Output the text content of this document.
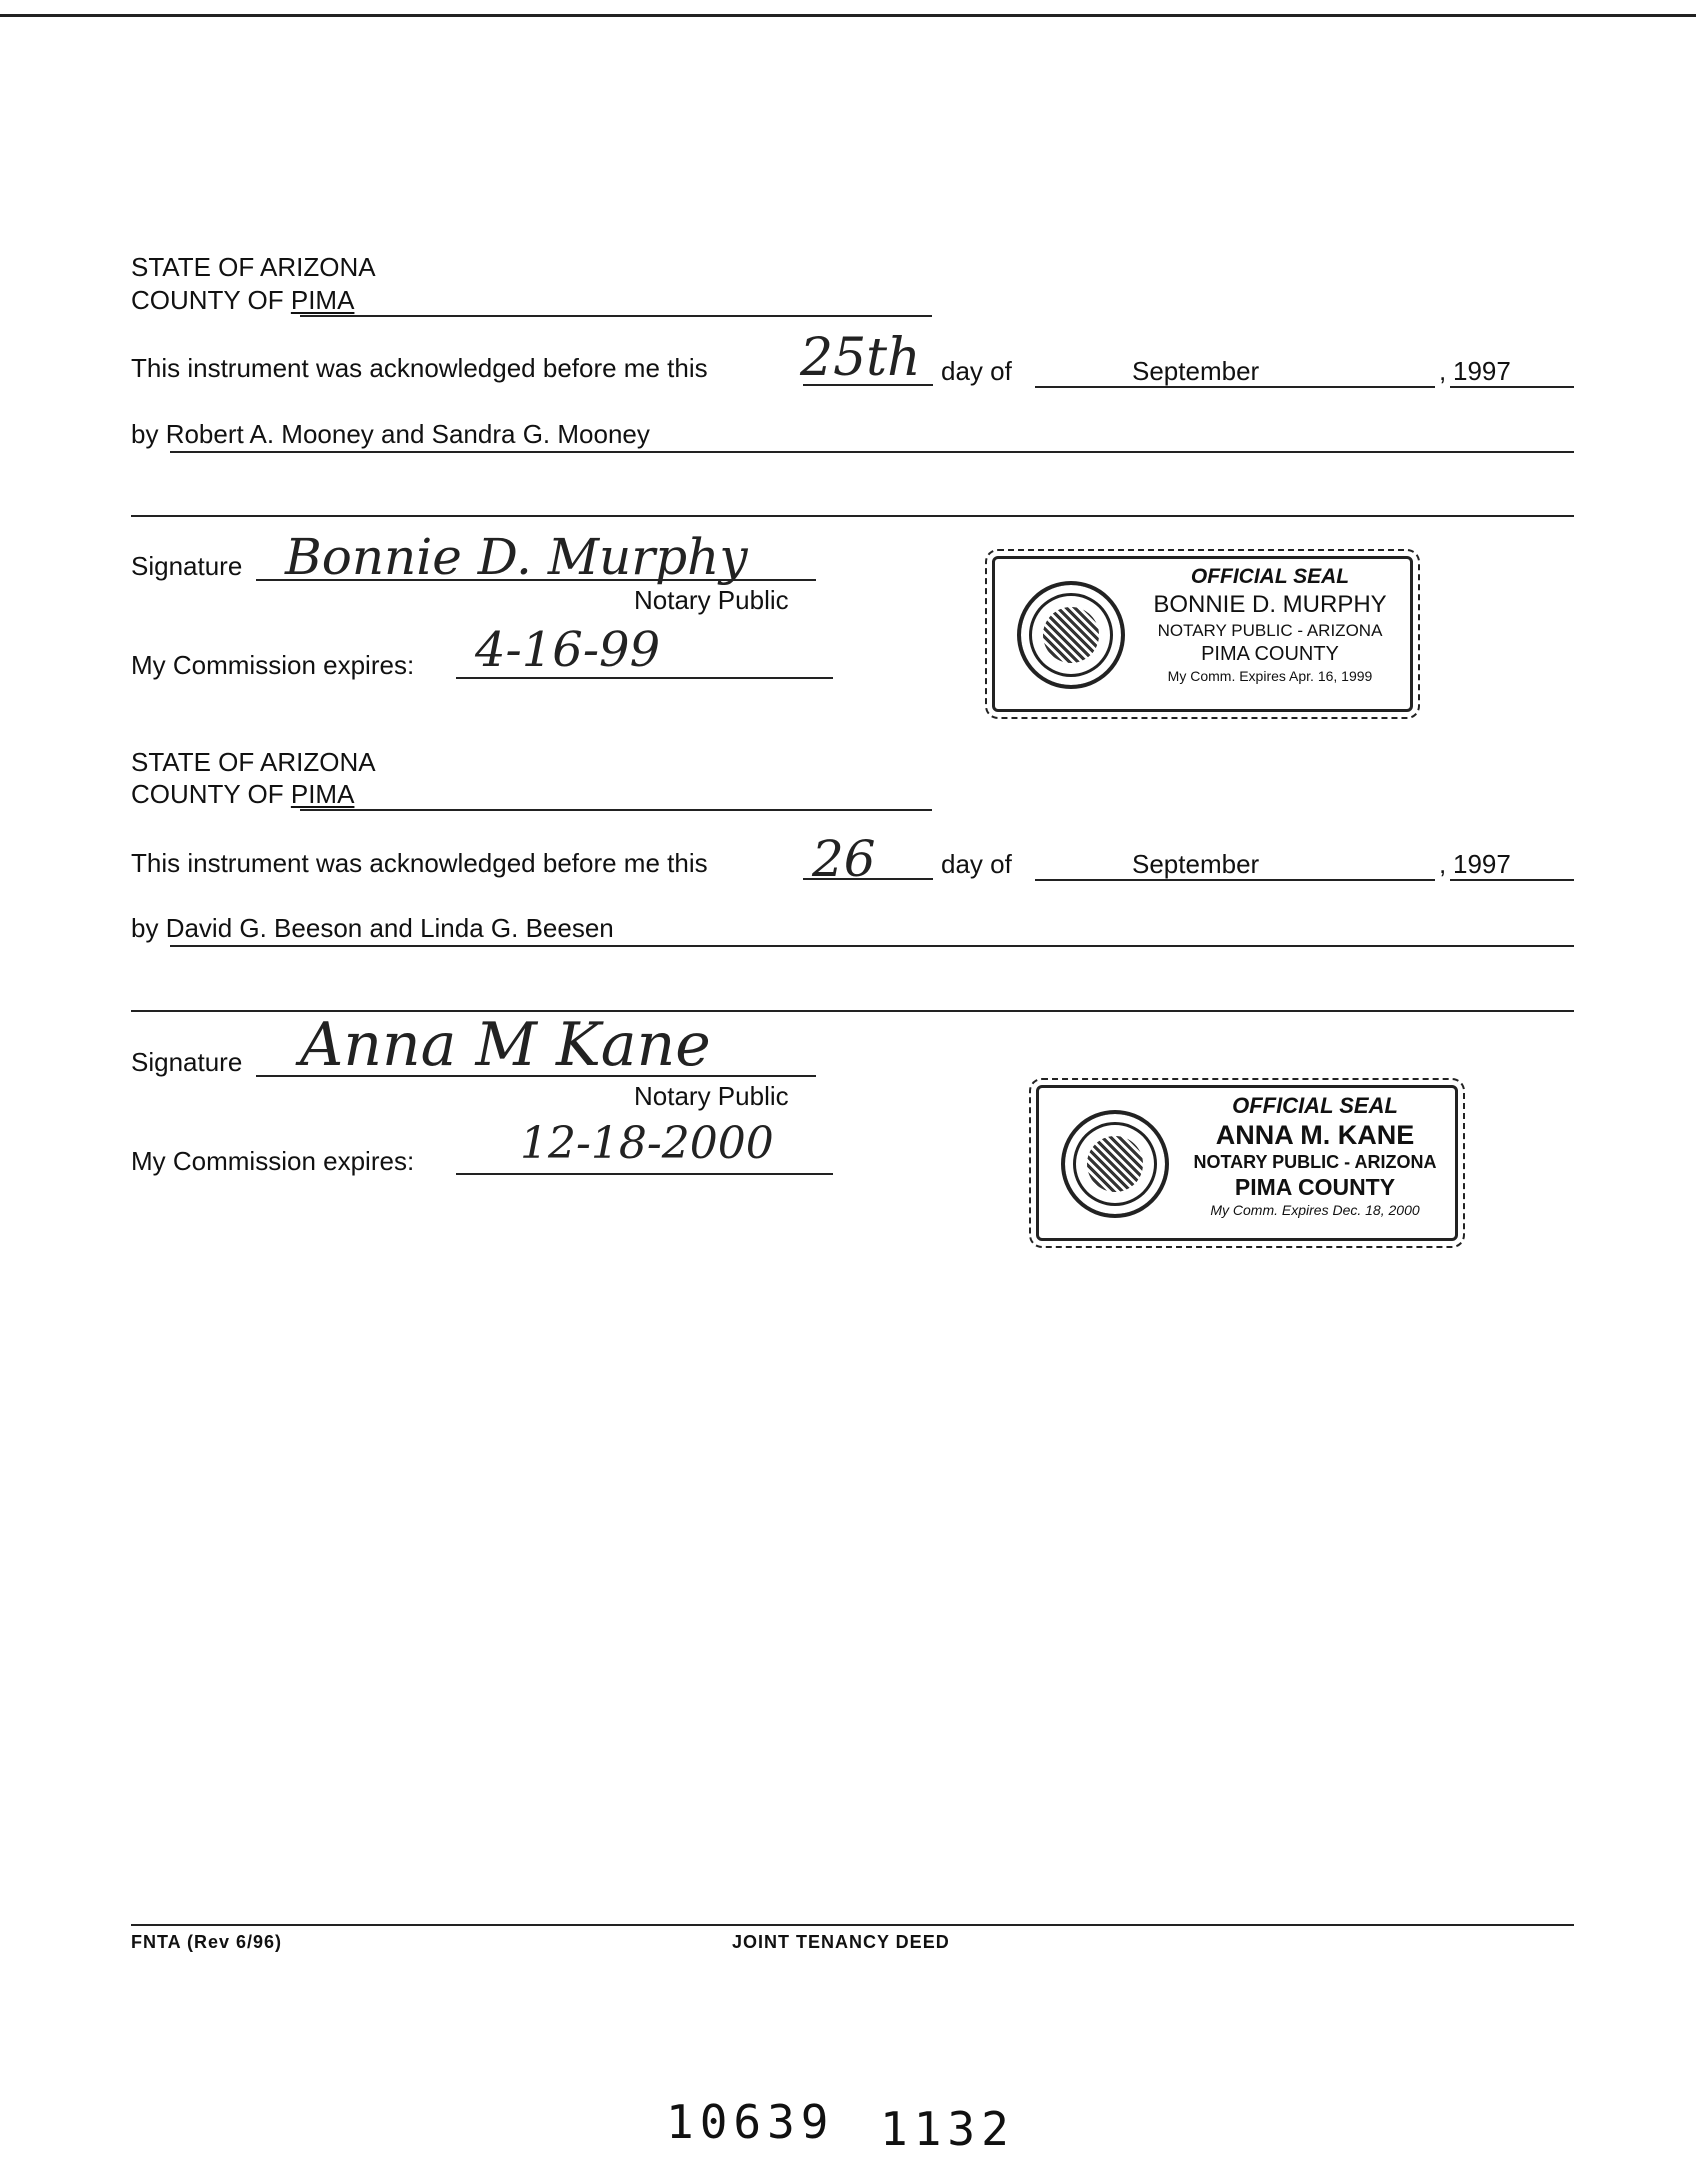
STATE OF ARIZONA
COUNTY OF PIMA
This instrument was acknowledged before me this 25th day of	September	, 1997
by Robert A. Mooney and Sandra G. Mooney
Signature Bonnie D. Murphy
Notary Public
My Commission expires: 4-16-99
OFFICIAL SEAL
BONNIE D. MURPHY
NOTARY PUBLIC - ARIZONA
PIMA COUNTY
My Comm. Expires Apr. 16, 1999
STATE OF ARIZONA
COUNTY OF PIMA
This instrument was acknowledged before me this 26	day of	September	, 1997
by David G. Beeson and Linda G. Beesen
Signature Anna M Kane
Notary Public
My Commission expires: 12-18-2000
OFFICIAL SEAL
ANNA M. KANE
NOTARY PUBLIC - ARIZONA
PIMA COUNTY
My Comm. Expires Dec. 18, 2000
FNTA (Rev 6/96)	JOINT TENANCY DEED
10639 1132
